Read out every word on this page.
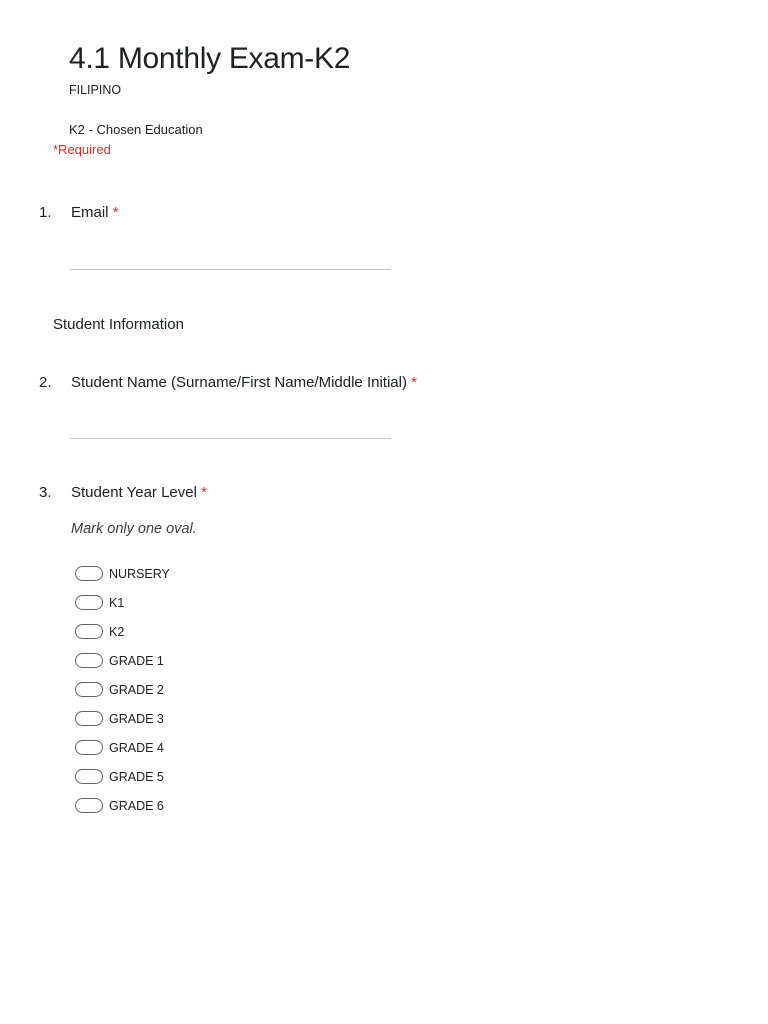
4.1 Monthly Exam-K2
FILIPINO
K2 - Chosen Education
*Required
1. Email *
Student Information
2. Student Name (Surname/First Name/Middle Initial) *
3. Student Year Level *
Mark only one oval.
NURSERY
K1
K2
GRADE 1
GRADE 2
GRADE 3
GRADE 4
GRADE 5
GRADE 6
